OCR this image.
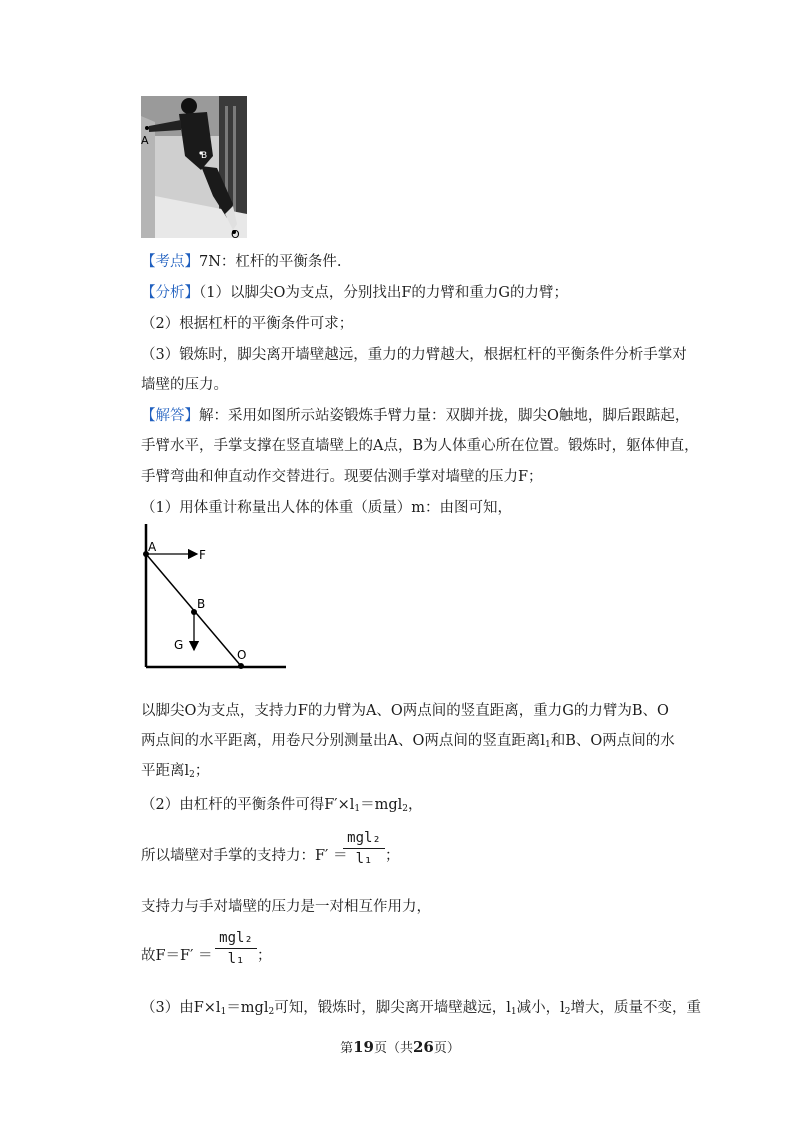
A
B
O
【考点】7N：杠杆的平衡条件.
【分析】（1）以脚尖O为支点，分别找出F的力臂和重力G的力臂；
（2）根据杠杆的平衡条件可求；
（3）锻炼时，脚尖离开墙壁越远，重力的力臂越大，根据杠杆的平衡条件分析手掌对
墙壁的压力。
【解答】解：采用如图所示站姿锻炼手臂力量：双脚并拢，脚尖O触地，脚后跟踮起，
手臂水平，手掌支撑在竖直墙壁上的A点，B为人体重心所在位置。锻炼时，躯体伸直，
手臂弯曲和伸直动作交替进行。现要估测手掌对墙壁的压力F；
（1）用体重计称量出人体的体重（质量）m：由图可知，
A
F
B
G
O
以脚尖O为支点，支持力F的力臂为A、O两点间的竖直距离，重力G的力臂为B、O
两点间的水平距离，用卷尺分别测量出A、O两点间的竖直距离$l_1$和B、O两点间的水
平距离$l_2$；
（2）由杠杆的平衡条件可得$F'\times l_1=mgl_2$，
所以墙壁对手掌的支持力：F′ ＝
mgl₂
l₁ ；
支持力与手对墙壁的压力是一对相互作用力，
故F＝F′ ＝
mgl₂
l₁ ；
（3）由$F\times l_1=mgl_2$可知，锻炼时，脚尖离开墙壁越远，$l_1$减小，$l_2$增大，质量不变，重
第19页（共26页）
